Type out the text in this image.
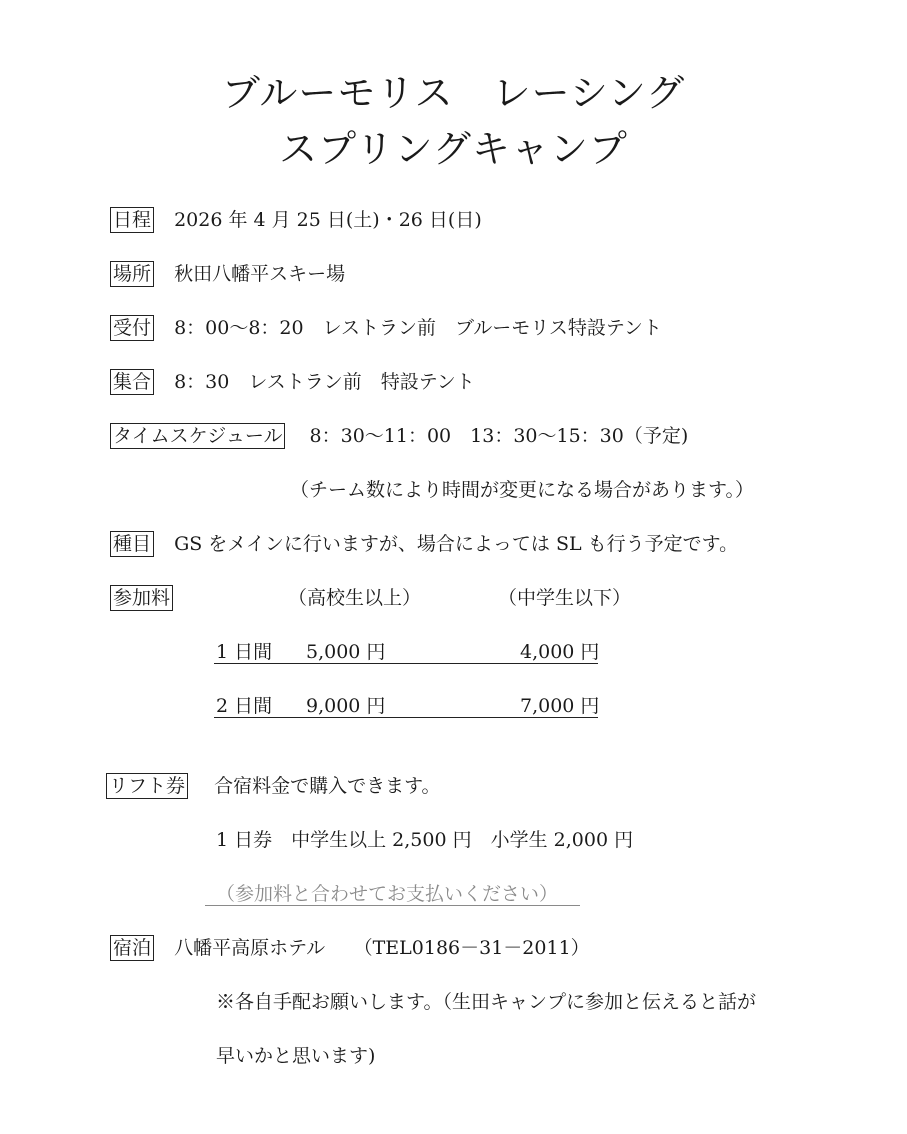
ブルーモリス　レーシング
スプリングキャンプ
日程 2026 年 4 月 25 日(土)・26 日(日)
場所 秋田八幡平スキー場
受付 8：00〜8：20　レストラン前　ブルーモリス特設テント
集合 8：30　レストラン前　特設テント
タイムスケジュール 8：30〜11：00　13：30〜15：30（予定)
（チーム数により時間が変更になる場合があります。）
種目 GS をメインに行いますが、場合によっては SL も行う予定です。
参加料	（高校生以上）	（中学生以下）
1 日間 5,000 円	4,000 円
2 日間 9,000 円	7,000 円
リフト券 合宿料金で購入できます。
1 日券　中学生以上 2,500 円　小学生 2,000 円
（参加料と合わせてお支払いください）
宿泊 八幡平高原ホテル　　（TEL0186－31－2011）
※各自手配お願いします。（生田キャンプに参加と伝えると話が
早いかと思います)
